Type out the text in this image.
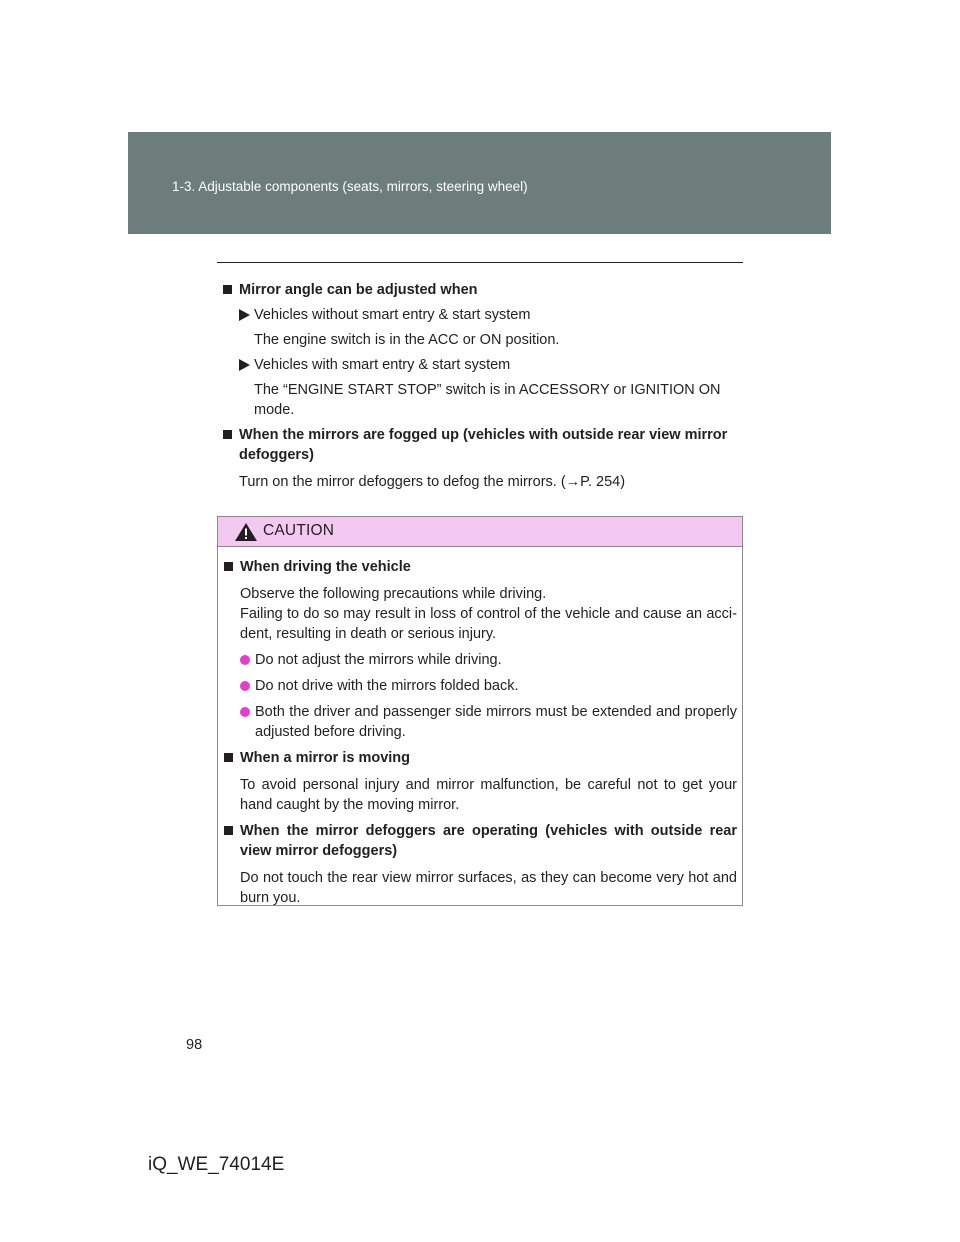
1-3. Adjustable components (seats, mirrors, steering wheel)
Mirror angle can be adjusted when
Vehicles without smart entry & start system
The engine switch is in the ACC or ON position.
Vehicles with smart entry & start system
The “ENGINE START STOP” switch is in ACCESSORY or IGNITION ON mode.
When the mirrors are fogged up (vehicles with outside rear view mirror defoggers)
Turn on the mirror defoggers to defog the mirrors. (→P. 254)
CAUTION
When driving the vehicle
Observe the following precautions while driving.
Failing to do so may result in loss of control of the vehicle and cause an accident, resulting in death or serious injury.
Do not adjust the mirrors while driving.
Do not drive with the mirrors folded back.
Both the driver and passenger side mirrors must be extended and properly adjusted before driving.
When a mirror is moving
To avoid personal injury and mirror malfunction, be careful not to get your hand caught by the moving mirror.
When the mirror defoggers are operating (vehicles with outside rear view mirror defoggers)
Do not touch the rear view mirror surfaces, as they can become very hot and burn you.
98
iQ_WE_74014E
